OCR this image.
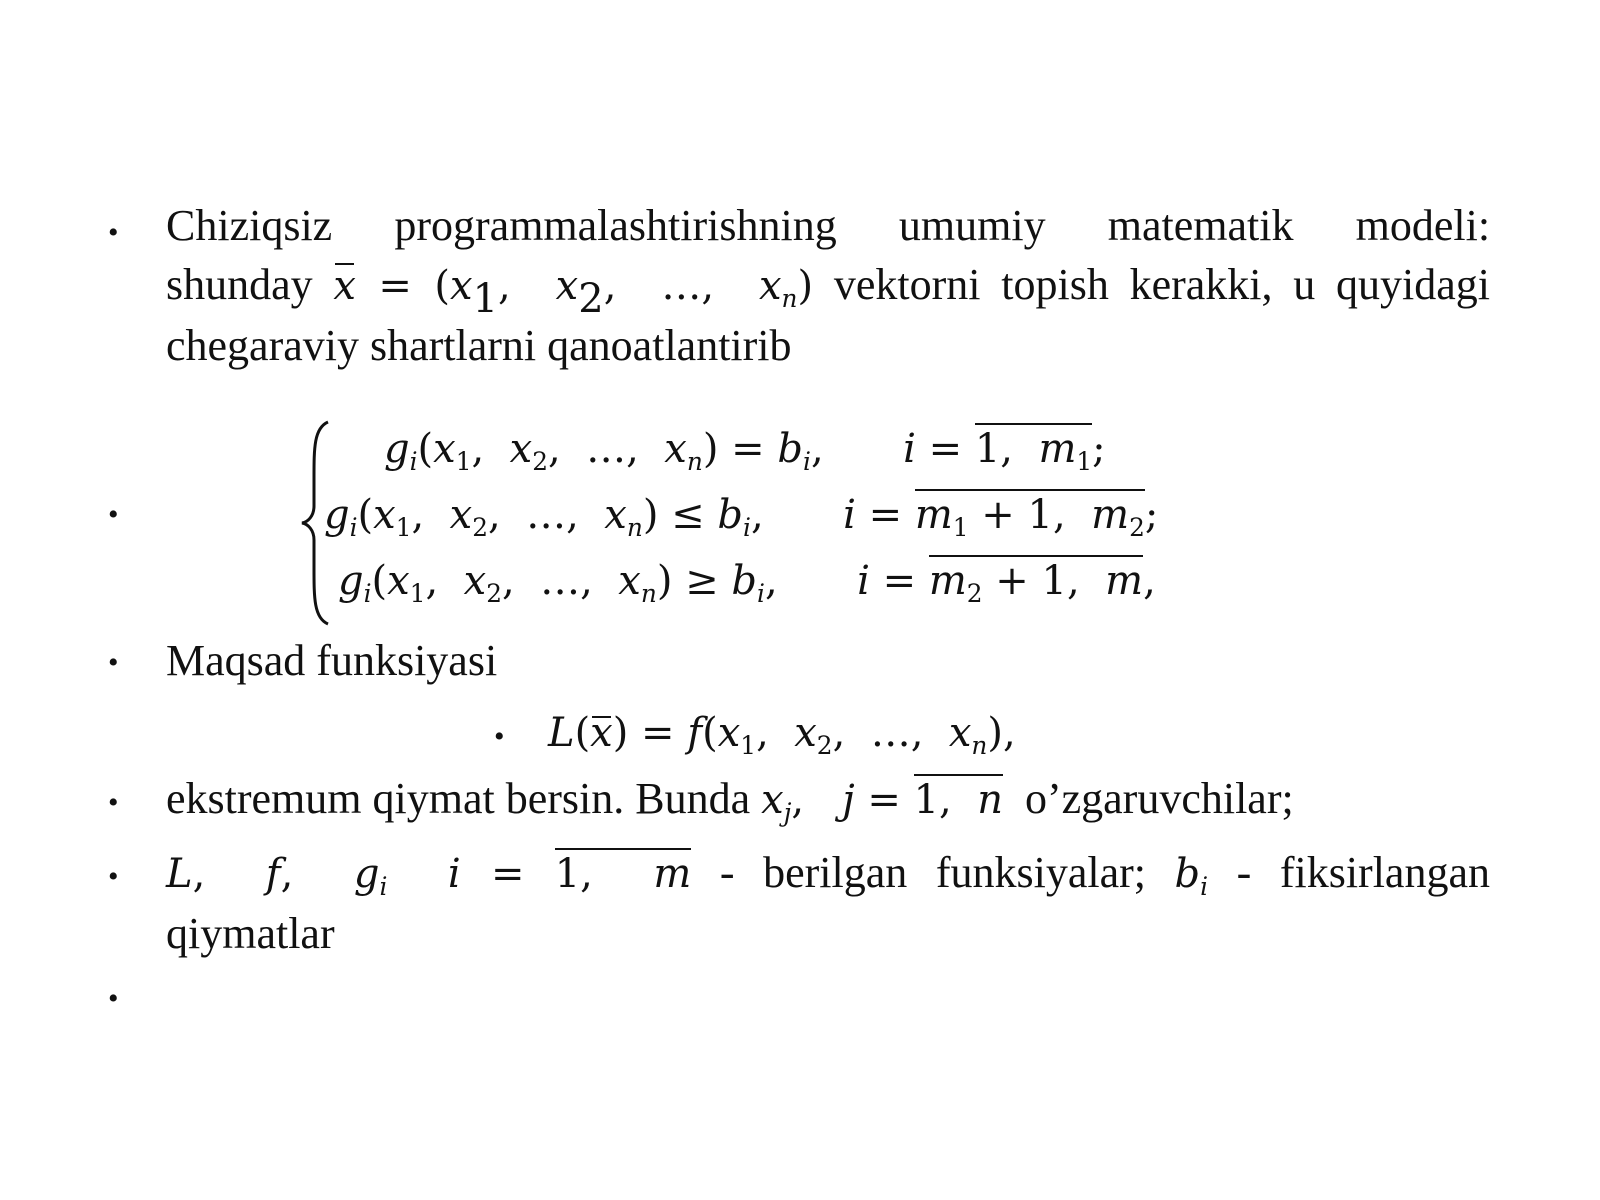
• Chiziqsiz programmalashtirishning umumiy matematik modeli:
shunday $x = (x_1$,  $x_2$,  …,  $x_n$) vektorni topish kerakki, u quyidagi
chegaraviy shartlarni qanoatlantirib
•
$g_i(x_1$,  $x_2$,  …,  $x_n) = b_i$,  i = 1,  $m_1$;
$g_i(x_1$,  $x_2$,  …,  $x_n) \le b_i$,  $i = m_1 + 1$,  $m_2$;
$g_i(x_1$,  $x_2$,  …,  $x_n) \ge b_i$,  $i = m_2 + 1$,  m,
• Maqsad funksiyasi
• $L(x) = f(x_1$,  $x_2$,  …,  $x_n$),
• ekstremum qiymat bersin. Bunda $x_j$,   j = 1,  n o’zgaruvchilar;
• L,  f,  $g_i$  i = 1,  m - berilgan funksiyalar; $b_i$ - fiksirlangan
qiymatlar
•
